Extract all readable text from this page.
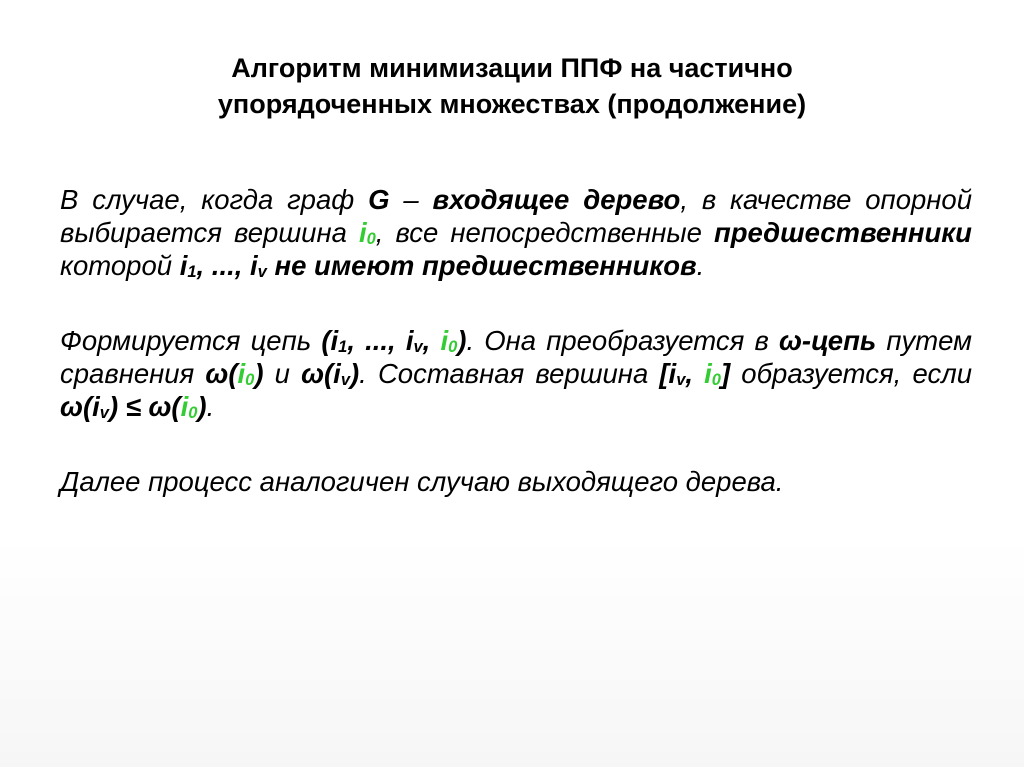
Алгоритм минимизации ППФ на частично
упорядоченных множествах (продолжение)

В случае, когда граф G – входящее дерево, в качестве опорной выбирается вершина $i_0$, все непосредственные предшественники которой $i_1$, ..., $i_v$ не имеют предшественников.

Формируется цепь ($i_1$, ..., $i_v$, $i_0$). Она преобразуется в ω-цепь путем сравнения $\omega(i_0)$ и $\omega(i_v)$. Составная вершина [$i_v$, $i_0$] образуется, если $\omega(i_v) \le \omega(i_0)$.

Далее процесс аналогичен случаю выходящего дерева.
